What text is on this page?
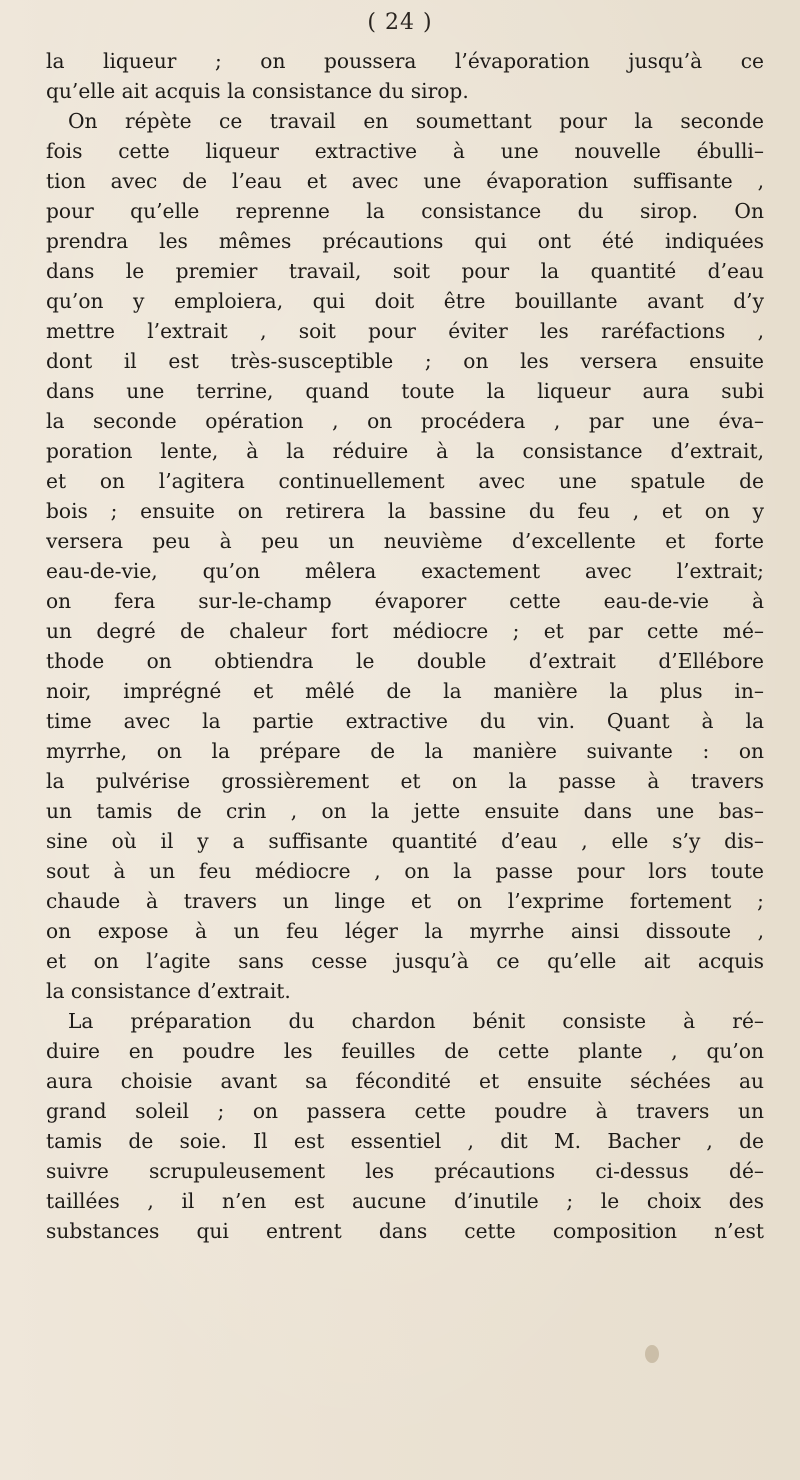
( 24 )
la liqueur ; on poussera l’évaporation jusqu’à ce
qu’elle ait acquis la consistance du sirop.
On répète ce travail en soumettant pour la seconde
fois cette liqueur extractive à une nouvelle ébulli–
tion avec de l’eau et avec une évaporation suffisante ,
pour qu’elle reprenne la consistance du sirop. On
prendra les mêmes précautions qui ont été indiquées
dans le premier travail, soit pour la quantité d’eau
qu’on y emploiera, qui doit être bouillante avant d’y
mettre l’extrait , soit pour éviter les raréfactions ,
dont il est très-susceptible ; on les versera ensuite
dans une terrine, quand toute la liqueur aura subi
la seconde opération , on procédera , par une éva–
poration lente, à la réduire à la consistance d’extrait,
et on l’agitera continuellement avec une spatule de
bois ; ensuite on retirera la bassine du feu , et on y
versera peu à peu un neuvième d’excellente et forte
eau-de-vie, qu’on mêlera exactement avec l’extrait;
on fera sur-le-champ évaporer cette eau-de-vie à
un degré de chaleur fort médiocre ; et par cette mé–
thode on obtiendra le double d’extrait d’Ellébore
noir, imprégné et mêlé de la manière la plus in–
time avec la partie extractive du vin. Quant à la
myrrhe, on la prépare de la manière suivante : on
la pulvérise grossièrement et on la passe à travers
un tamis de crin , on la jette ensuite dans une bas–
sine où il y a suffisante quantité d’eau , elle s’y dis–
sout à un feu médiocre , on la passe pour lors toute
chaude à travers un linge et on l’exprime fortement ;
on expose à un feu léger la myrrhe ainsi dissoute ,
et on l’agite sans cesse jusqu’à ce qu’elle ait acquis
la consistance d’extrait.
La préparation du chardon bénit consiste à ré–
duire en poudre les feuilles de cette plante , qu’on
aura choisie avant sa fécondité et ensuite séchées au
grand soleil ; on passera cette poudre à travers un
tamis de soie. Il est essentiel , dit M. Bacher , de
suivre scrupuleusement les précautions ci-dessus dé–
taillées , il n’en est aucune d’inutile ; le choix des
substances qui entrent dans cette composition n’est
